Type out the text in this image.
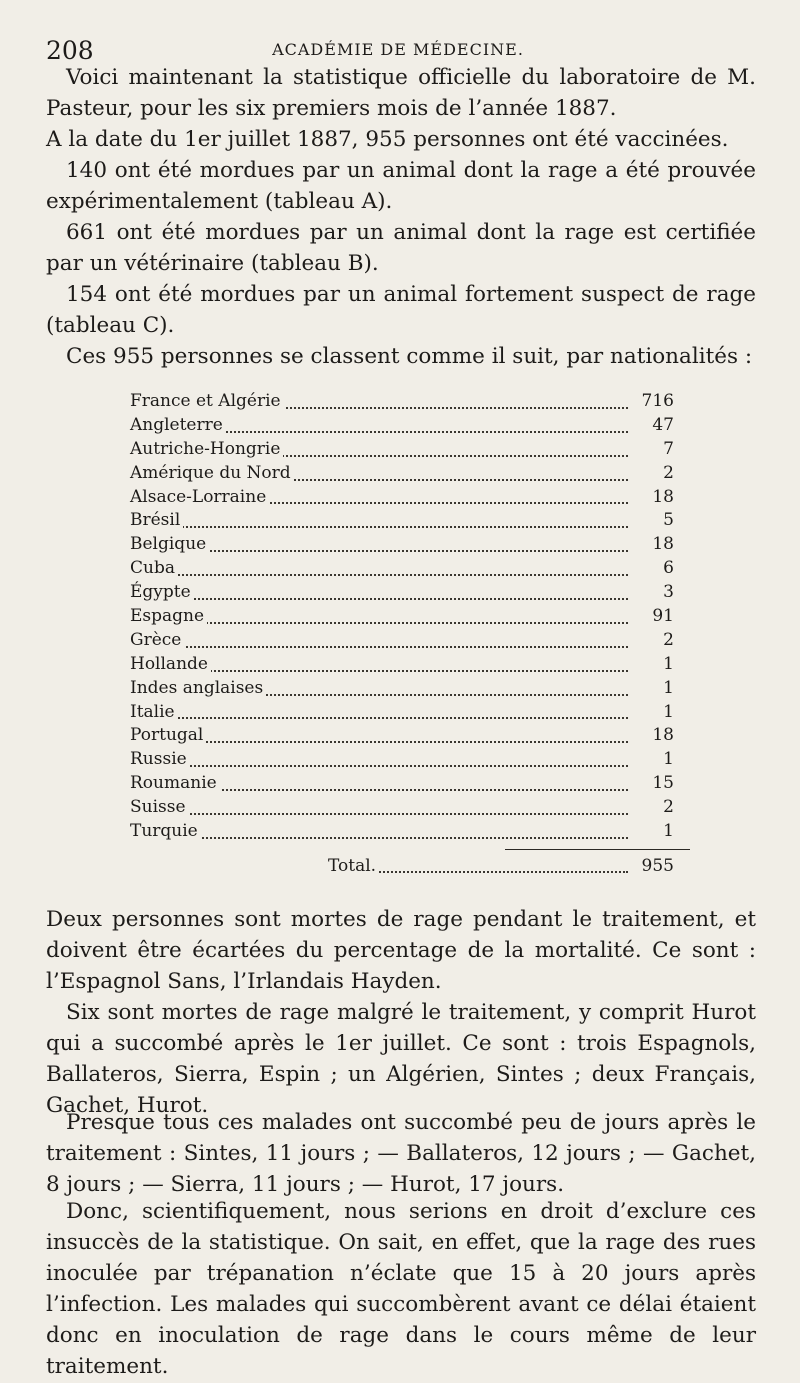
208	ACADÉMIE DE MÉDECINE.

Voici maintenant la statistique officielle du laboratoire de M. Pasteur, pour les six premiers mois de l’année 1887.

A la date du 1er juillet 1887, 955 personnes ont été vaccinées.

140 ont été mordues par un animal dont la rage a été prouvée expérimentalement (tableau A).

661 ont été mordues par un animal dont la rage est certifiée par un vétérinaire (tableau B).

154 ont été mordues par un animal fortement suspect de rage (tableau C).

Ces 955 personnes se classent comme il suit, par nationalités :

France et Algérie	716
Angleterre	47
Autriche-Hongrie	7
Amérique du Nord	2
Alsace-Lorraine	18
Brésil	5
Belgique	18
Cuba	6
Égypte	3
Espagne	91
Grèce	2
Hollande	1
Indes anglaises	1
Italie	1
Portugal	18
Russie	1
Roumanie	15
Suisse	2
Turquie	1
Total.	955

Deux personnes sont mortes de rage pendant le traitement, et doivent être écartées du percentage de la mortalité. Ce sont : l’Espagnol Sans, l’Irlandais Hayden.

Six sont mortes de rage malgré le traitement, y comprit Hurot qui a succombé après le 1er juillet. Ce sont : trois Espagnols, Ballateros, Sierra, Espin ; un Algérien, Sintes ; deux Français, Gachet, Hurot.

Presque tous ces malades ont succombé peu de jours après le traitement : Sintes, 11 jours ; — Ballateros, 12 jours ; — Gachet, 8 jours ; — Sierra, 11 jours ; — Hurot, 17 jours.

Donc, scientifiquement, nous serions en droit d’exclure ces insuccès de la statistique. On sait, en effet, que la rage des rues inoculée par trépanation n’éclate que 15 à 20 jours après l’infection. Les malades qui succombèrent avant ce délai étaient donc en inoculation de rage dans le cours même de leur traitement.
